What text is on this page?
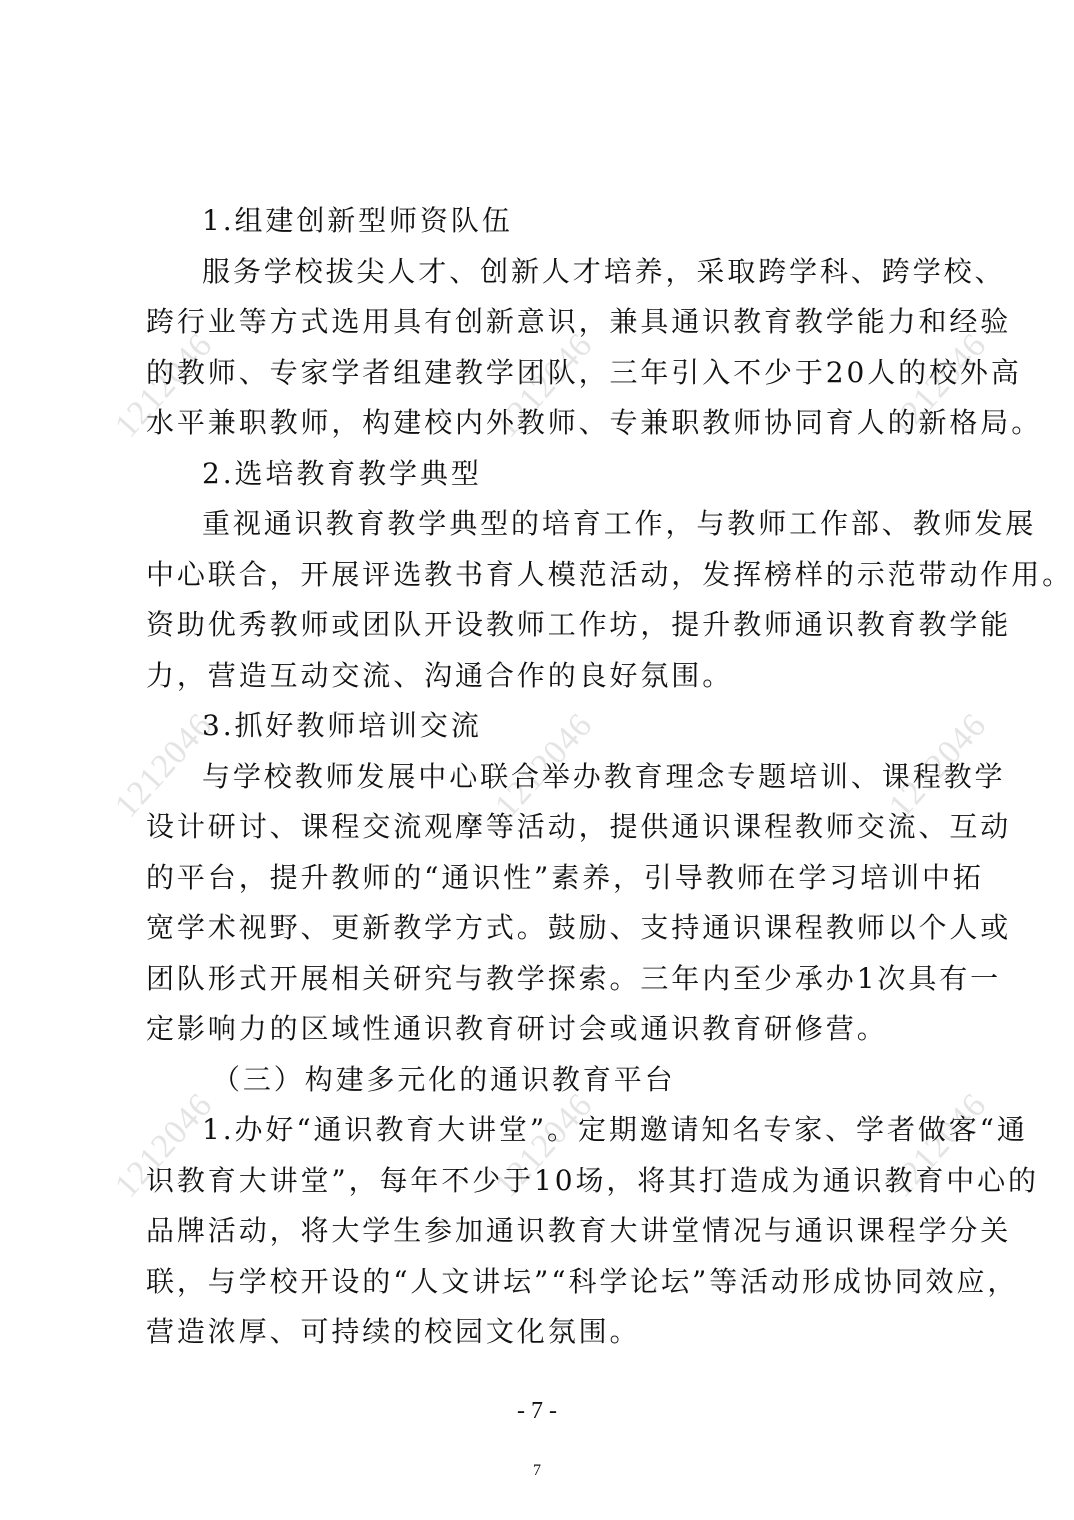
1212046	1212046	1212046
1212046	1212046	1212046
1212046	1212046	1212046
1.组建创新型师资队伍
服务学校拔尖人才、创新人才培养，采取跨学科、跨学校、
跨行业等方式选用具有创新意识，兼具通识教育教学能力和经验
的教师、专家学者组建教学团队，三年引入不少于20人的校外高
水平兼职教师，构建校内外教师、专兼职教师协同育人的新格局。
2.选培教育教学典型
重视通识教育教学典型的培育工作，与教师工作部、教师发展
中心联合，开展评选教书育人模范活动，发挥榜样的示范带动作用。
资助优秀教师或团队开设教师工作坊，提升教师通识教育教学能
力，营造互动交流、沟通合作的良好氛围。
3.抓好教师培训交流
与学校教师发展中心联合举办教育理念专题培训、课程教学
设计研讨、课程交流观摩等活动，提供通识课程教师交流、互动
的平台，提升教师的“通识性”素养，引导教师在学习培训中拓
宽学术视野、更新教学方式。鼓励、支持通识课程教师以个人或
团队形式开展相关研究与教学探索。三年内至少承办1次具有一
定影响力的区域性通识教育研讨会或通识教育研修营。
（三）构建多元化的通识教育平台
1.办好“通识教育大讲堂”。定期邀请知名专家、学者做客“通
识教育大讲堂”，每年不少于10场，将其打造成为通识教育中心的
品牌活动，将大学生参加通识教育大讲堂情况与通识课程学分关
联，与学校开设的“人文讲坛”“科学论坛”等活动形成协同效应，
营造浓厚、可持续的校园文化氛围。
- 7 -
7
